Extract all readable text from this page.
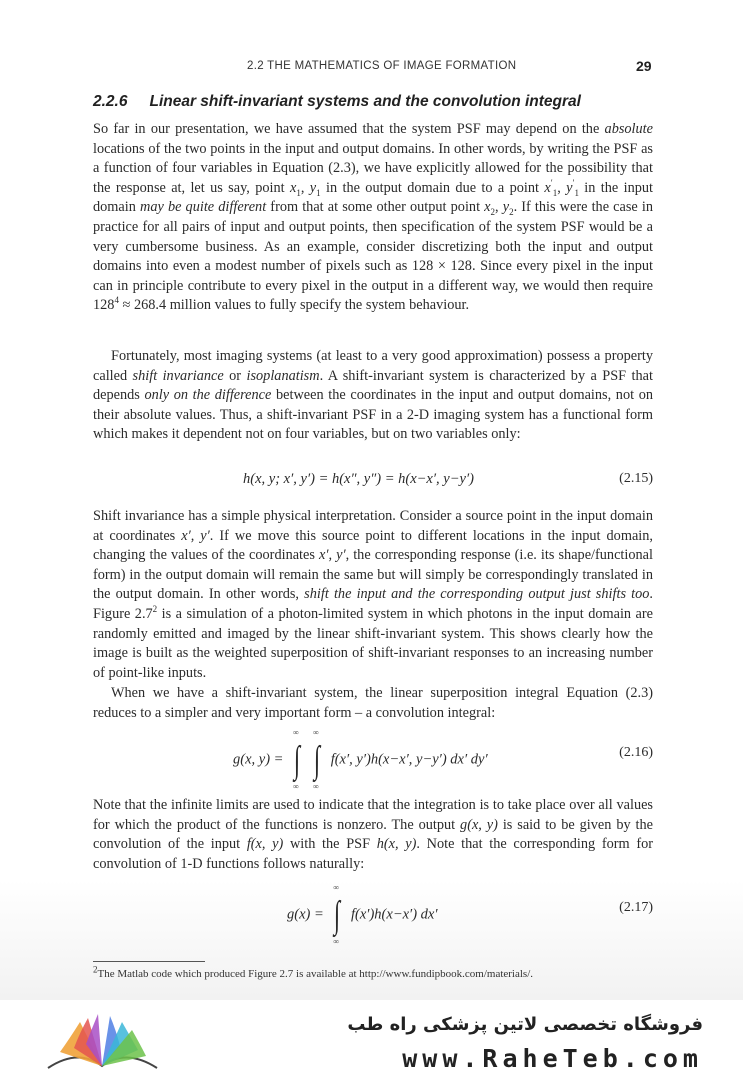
2.2 THE MATHEMATICS OF IMAGE FORMATION	29
2.2.6 Linear shift-invariant systems and the convolution integral

So far in our presentation, we have assumed that the system PSF may depend on the absolute locations of the two points in the input and output domains. In other words, by writing the PSF as a function of four variables in Equation (2.3), we have explicitly allowed for the possibility that the response at, let us say, point $x_1$, $y_1$ in the output domain due to a point $x'_1$, $y'_1$ in the input domain may be quite different from that at some other output point $x_2$, $y_2$. If this were the case in practice for all pairs of input and output points, then specification of the system PSF would be a very cumbersome business. As an example, consider discretizing both the input and output domains into even a modest number of pixels such as 128 × 128. Since every pixel in the input can in principle contribute to every pixel in the output in a different way, we would then require $128^4 \approx 268.4$ million values to fully specify the system behaviour.

Fortunately, most imaging systems (at least to a very good approximation) possess a property called shift invariance or isoplanatism. A shift-invariant system is characterized by a PSF that depends only on the difference between the coordinates in the input and output domains, not on their absolute values. Thus, a shift-invariant PSF in a 2-D imaging system has a functional form which makes it dependent not on four variables, but on two variables only:

h(x, y; x′, y′) = h(x″, y″) = h(x−x′, y−y′)	(2.15)

Shift invariance has a simple physical interpretation. Consider a source point in the input domain at coordinates x′, y′. If we move this source point to different locations in the input domain, changing the values of the coordinates x′, y′, the corresponding response (i.e. its shape/functional form) in the output domain will remain the same but will simply be correspondingly translated in the output domain. In other words, shift the input and the corresponding output just shifts too. Figure $2.7^2$ is a simulation of a photon-limited system in which photons in the input domain are randomly emitted and imaged by the linear shift-invariant system. This shows clearly how the image is built as the weighted superposition of shift-invariant responses to an increasing number of point-like inputs.

When we have a shift-invariant system, the linear superposition integral Equation (2.3) reduces to a simpler and very important form – a convolution integral:

g(x, y) =
∞
∫
∞
∞
∫
∞
f(x′, y′)h(x−x′, y−y′) dx′ dy′	(2.16)

Note that the infinite limits are used to indicate that the integration is to take place over all values for which the product of the functions is nonzero. The output g(x, y) is said to be given by the convolution of the input f(x, y) with the PSF h(x, y). Note that the corresponding form for convolution of 1-D functions follows naturally:

g(x) =
∞
∫
∞
f(x′)h(x−x′) dx′	(2.17)
$^2$The Matlab code which produced Figure 2.7 is available at http://www.fundipbook.com/materials/.
فروشگاه تخصصی لاتین پزشکی راه طب
www.RaheTeb.com
